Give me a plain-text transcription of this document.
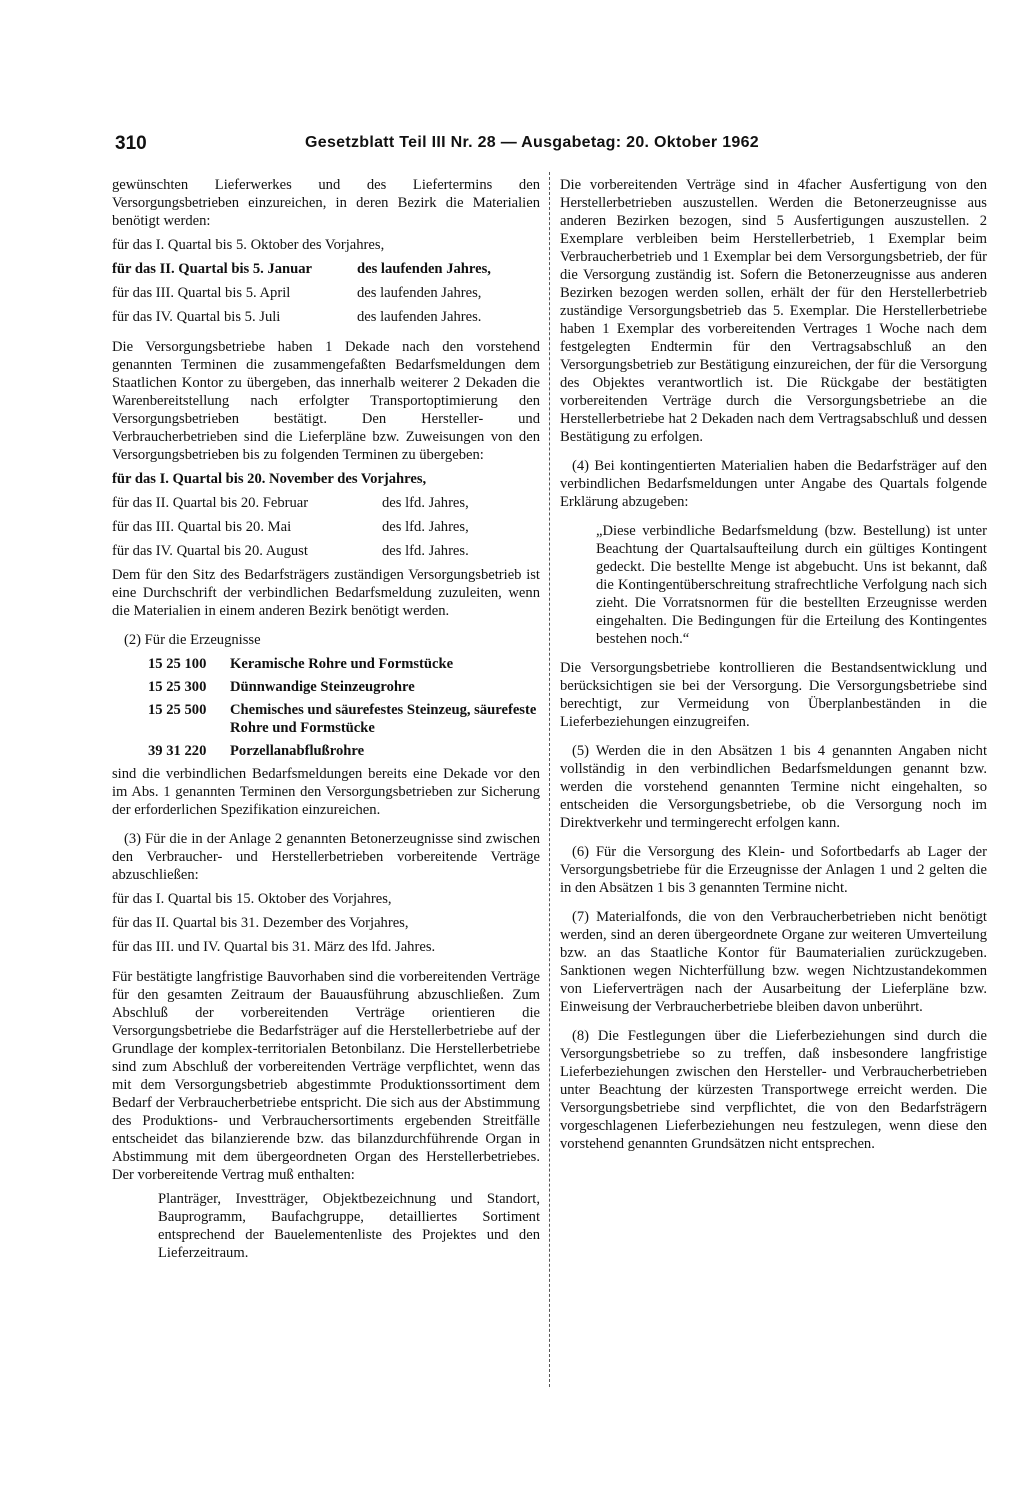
310	Gesetzblatt Teil III Nr. 28 — Ausgabetag: 20. Oktober 1962

gewünschten Lieferwerkes und des Liefertermins den Versorgungsbetrieben einzureichen, in deren Bezirk die Materialien benötigt werden:

für das I. Quartal bis 5. Oktober des Vorjahres,
für das II. Quartal bis 5. Januar	des laufenden Jahres,
für das III. Quartal bis 5. April	des laufenden Jahres,
für das IV. Quartal bis 5. Juli	des laufenden Jahres.

Die Versorgungsbetriebe haben 1 Dekade nach den vorstehend genannten Terminen die zusammengefaßten Bedarfsmeldungen dem Staatlichen Kontor zu übergeben, das innerhalb weiterer 2 Dekaden die Warenbereitstellung nach erfolgter Transportoptimierung den Versorgungsbetrieben bestätigt. Den Hersteller- und Verbraucherbetrieben sind die Lieferpläne bzw. Zuweisungen von den Versorgungsbetrieben bis zu folgenden Terminen zu übergeben:

für das I. Quartal bis 20. November des Vorjahres,
für das II. Quartal bis 20. Februar	des lfd. Jahres,
für das III. Quartal bis 20. Mai	des lfd. Jahres,
für das IV. Quartal bis 20. August	des lfd. Jahres.

Dem für den Sitz des Bedarfsträgers zuständigen Versorgungsbetrieb ist eine Durchschrift der verbindlichen Bedarfsmeldung zuzuleiten, wenn die Materialien in einem anderen Bezirk benötigt werden.

(2) Für die Erzeugnisse

15 25 100	Keramische Rohre und Formstücke
15 25 300	Dünnwandige Steinzeugrohre
15 25 500	Chemisches und säurefestes Steinzeug, säurefeste Rohre und Formstücke
39 31 220	Porzellanabflußrohre

sind die verbindlichen Bedarfsmeldungen bereits eine Dekade vor den im Abs. 1 genannten Terminen den Versorgungsbetrieben zur Sicherung der erforderlichen Spezifikation einzureichen.

(3) Für die in der Anlage 2 genannten Betonerzeugnisse sind zwischen den Verbraucher- und Herstellerbetrieben vorbereitende Verträge abzuschließen:

für das I. Quartal bis 15. Oktober des Vorjahres,
für das II. Quartal bis 31. Dezember des Vorjahres,
für das III. und IV. Quartal bis 31. März des lfd. Jahres.

Für bestätigte langfristige Bauvorhaben sind die vorbereitenden Verträge für den gesamten Zeitraum der Bauausführung abzuschließen. Zum Abschluß der vorbereitenden Verträge orientieren die Versorgungsbetriebe die Bedarfsträger auf die Herstellerbetriebe auf der Grundlage der komplex-territorialen Betonbilanz. Die Herstellerbetriebe sind zum Abschluß der vorbereitenden Verträge verpflichtet, wenn das mit dem Versorgungsbetrieb abgestimmte Produktionssortiment dem Bedarf der Verbraucherbetriebe entspricht. Die sich aus der Abstimmung des Produktions- und Verbrauchersortiments ergebenden Streitfälle entscheidet das bilanzierende bzw. das bilanzdurchführende Organ in Abstimmung mit dem übergeordneten Organ des Herstellerbetriebes. Der vorbereitende Vertrag muß enthalten:

Planträger, Investträger, Objektbezeichnung und Standort, Bauprogramm, Baufachgruppe, detailliertes Sortiment entsprechend der Bauelementenliste des Projektes und den Lieferzeitraum.

Die vorbereitenden Verträge sind in 4facher Ausfertigung von den Herstellerbetrieben auszustellen. Werden die Betonerzeugnisse aus anderen Bezirken bezogen, sind 5 Ausfertigungen auszustellen. 2 Exemplare verbleiben beim Herstellerbetrieb, 1 Exemplar beim Verbraucherbetrieb und 1 Exemplar bei dem Versorgungsbetrieb, der für die Versorgung zuständig ist. Sofern die Betonerzeugnisse aus anderen Bezirken bezogen werden sollen, erhält der für den Herstellerbetrieb zuständige Versorgungsbetrieb das 5. Exemplar. Die Herstellerbetriebe haben 1 Exemplar des vorbereitenden Vertrages 1 Woche nach dem festgelegten Endtermin für den Vertragsabschluß an den Versorgungsbetrieb zur Bestätigung einzureichen, der für die Versorgung des Objektes verantwortlich ist. Die Rückgabe der bestätigten vorbereitenden Verträge durch die Versorgungsbetriebe an die Herstellerbetriebe hat 2 Dekaden nach dem Vertragsabschluß und dessen Bestätigung zu erfolgen.

(4) Bei kontingentierten Materialien haben die Bedarfsträger auf den verbindlichen Bedarfsmeldungen unter Angabe des Quartals folgende Erklärung abzugeben:

„Diese verbindliche Bedarfsmeldung (bzw. Bestellung) ist unter Beachtung der Quartalsaufteilung durch ein gültiges Kontingent gedeckt. Die bestellte Menge ist abgebucht. Uns ist bekannt, daß die Kontingentüberschreitung strafrechtliche Verfolgung nach sich zieht. Die Vorratsnormen für die bestellten Erzeugnisse werden eingehalten. Die Bedingungen für die Erteilung des Kontingentes bestehen noch.“

Die Versorgungsbetriebe kontrollieren die Bestandsentwicklung und berücksichtigen sie bei der Versorgung. Die Versorgungsbetriebe sind berechtigt, zur Vermeidung von Überplanbeständen in die Lieferbeziehungen einzugreifen.

(5) Werden die in den Absätzen 1 bis 4 genannten Angaben nicht vollständig in den verbindlichen Bedarfsmeldungen genannt bzw. werden die vorstehend genannten Termine nicht eingehalten, so entscheiden die Versorgungsbetriebe, ob die Versorgung noch im Direktverkehr und termingerecht erfolgen kann.

(6) Für die Versorgung des Klein- und Sofortbedarfs ab Lager der Versorgungsbetriebe für die Erzeugnisse der Anlagen 1 und 2 gelten die in den Absätzen 1 bis 3 genannten Termine nicht.

(7) Materialfonds, die von den Verbraucherbetrieben nicht benötigt werden, sind an deren übergeordnete Organe zur weiteren Umverteilung bzw. an das Staatliche Kontor für Baumaterialien zurückzugeben. Sanktionen wegen Nichterfüllung bzw. wegen Nichtzustandekommen von Lieferverträgen nach der Ausarbeitung der Lieferpläne bzw. Einweisung der Verbraucherbetriebe bleiben davon unberührt.

(8) Die Festlegungen über die Lieferbeziehungen sind durch die Versorgungsbetriebe so zu treffen, daß insbesondere langfristige Lieferbeziehungen zwischen den Hersteller- und Verbraucherbetrieben unter Beachtung der kürzesten Transportwege erreicht werden. Die Versorgungsbetriebe sind verpflichtet, die von den Bedarfsträgern vorgeschlagenen Lieferbeziehungen neu festzulegen, wenn diese den vorstehend genannten Grundsätzen nicht entsprechen.
